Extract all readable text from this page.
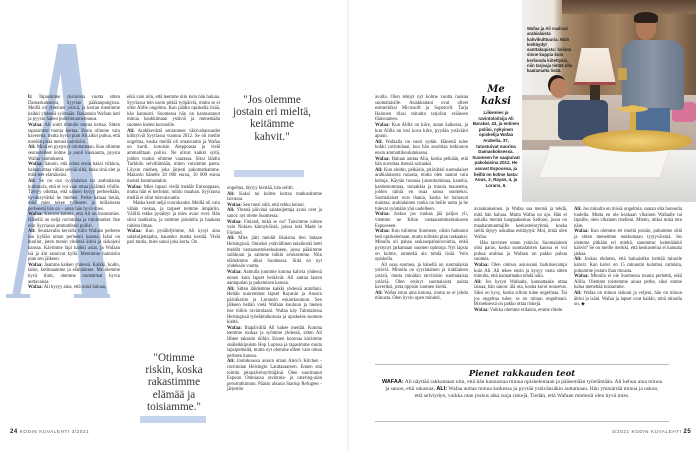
li: Tapasimme yksitoista vuotta sitten Damaskoksessa, Syyrian pääkaupungissa. Meillä oli yhteinen ystävä, ja kerran menimme kaikki yhdessä syömään. Rakastuin Wafaan heti ja pyysin hänen puhelinnumeroansa.

Wafaa: Ali soitti minulle monta kertaa. Sitten tapasimme monta kertaa. Ensin olimme vain kavereita, mutta hyvin pian Ali alkoi puhua, että meidän pitää mennä naimisiin.

Ali: Minä en pystynyt odottamaan. Kun olimme seurustelleet kolme ja puoli kuukautta, pyysin Wafaa vaimokseni.

Wafaa: Sanoin, että odota ensin kaksi viikkoa, haluan ottaa vähän selvää siitä, kuka sinä olet ja mitä teet elämässäsi.

Ali: Se on osa syyrialaista tai arabialaista kulttuuria, että et voi vain ottaa ja lähteä vihille. Täytyy odottaa, että nainen kysyy perheeltään, hyväksyvätkö he miehen. Perhe haluaa tietää, mitä mies tekee työkseen ja millaisesta perheestä hän on – onko hän hyvä mies.

Wafaa: Kerroin kotona, että Ali on bisnesmies. Hänellä on neljä ravintolaa ja minimarket. Itse olin Syyriassa ammatiltani poliisi.

Ali: Seuraavalla kerralla tulin Wafaan perheen luo kylään oman perheeni kanssa. Isäni on kuollut, joten menin yhdessä äitini ja siskojeni kanssa. Kävimme läpi kaikki asiat, ja Wafaan isä ja äiti sanoivat kyllä. Menimme naimisiin pian sen jälkeen.

Wafaa: Jaamme kaiken yhdessä. Kaikki, kodin, talon, kotimaamme ja elämämme. Me olemme hyvä tiimi, olemme molemmat hyvin auttavaisia.

Wafaa: Ali kysyy aina, että minä haluan,

eikä vain niin, että teemme niin kuin hän haluaa. Syyriassa tein usein pitkiä työpäiviä, mutta se ei ollut Alille ongelma. Kun päätin opiskella lisää, hän kannusti. Suomessa hän on kannustanut minua hankkimaan ystäviä ja menemään suomen kielen kursseille.

Ali: Arabikevättä seuranneet väkivaltaisuudet kiihtyivät Syyriassa vuonna 2012. Se oli meille ongelma, koska meillä oli omaisuutta ja Wafaa on kurdi, kotoisin Aleppoasta ja vielä ammatiltaan poliisi. Ne olivat kaikki syitä, joiden vuoksi olimme vaarassa. Siksi lähdin Turkkiin selvittämään, miten voisimme paeta. Löysin miehen, joka järjesti pakomatkamme. Maksoin hänelle 20 000 euroa, 10 000 euroa meistä kummastakin.

Wafaa: Mies lupasi viedä meidät Eurooppaan, mutta hän ei kertonut, mihin maahan. Syyriassa meillä ei ollut tulevaisuutta.

Matka kesti neljä vuorokautta. Meillä oli vain vähän ruokaa, ja tarpeet teimme ämpäriin. Välillä rekka pysähtyi ja mies avasi ovet. Hän siirsi laatikoita, ja saimme jaloitella ja haukata raitista ilmaa.

Wafaa: Kun pysähdyimme, Ali kysyi aina salakuljettajalta, kauanko matka kestää. Vielä pari tuntia, mies sanoi joka kerta. On

"Otimme riskin, koska rakastimme elämää ja toisiamme."
"Jos olemme jostain eri mieltä, keitämme kahvit."

ongelma, täytyy kiertää, hän selitti.

Ali: Kaksi tai kolme kertaa matkustimme laivassa.

Wafaa: Sen tunsi siitä, että rekka keinui.

Ali: Yhtenä päivänä salakuljettaja avasi ovet ja sanoi: nyt olette Suomessa.

Wafaa: Finland, mikä se on? Tunsimme nimen vain Nokian kännyköistä, joissa luki Made in Finland.

Ali: Mies jätti meidät likaisina tien laitaan Helsingissä. Onneksi ystävällinen taksikuski hetti meidät vastaanottokeskukseen, jossa pääsimme suihkuun ja saimme tulkin avuksemme. Niin elämämme alkoi Suomessa. Siitä on nyt yhdeksän vuotta.

Wafaa: Aamulla juomme kotona kahvia yhdessä ennen kuin lapset heräävät. Ali auttaa lasten aamupalan ja pukemisen kanssa.

Ali: Sitten lähdemme kaikki yhdessä autollani. Heitän nuoremmat lapset Rayanin ja Aousin päiväkotiin ja Loransin eskarikouluun. Sen jälkeen heitän vielä Wafaan kouluun ja menen itse töihin ravintolaani. Wafaa käy Taitotalossa Helsingissä työelämäkurssia ja opiskelee suomen kieltä.

Wafaa: Iltapäivällä Ali hakee meidät. Kotona teemme ruokaa ja syömme yhdessä, sitten Ali lähtee takaisin töihin. Ennen koronaa kävimme sisäleikkipuisto Hop Lopissa ja tapasimme muita lapsiperheitä, mutta nyt olemme olleet vain oman perheen kanssa.

Ali: Joulukuussa avasin oman Alexi's Kitchen -ravintolan Helsingin Lauttasaareen. Ennen sitä toimin pitopalveluyrittäjänä. Olen suorittanut Espoon Omniassa ravintola- ja catering-alan perustutkinnon. Pääsin alkuun Startup Refugees -järjestön

avulla. Olen tehnyt nyt kolme vuotta ruokaa suomalaisille. Asiakkaitani ovat olleet esimerkiksi Microsoft ja Supercell. Tarja Halonen tilasi minulta tarjoilut erääseen tilaisuuteen.

Wafaa: Kun Alilla on kiire, autan kaikessa, ja kun Alilla on tosi kova kiire, pyydän ystäviäni apuun.

Ali: Wafaalla on suuri sydän. Hänestä tulee kokki ravintolaan, kun hän suorittaa tutkinnon ensin ammattikoulutuksena.

Wafaa: Haluan auttaa Alia, koska pelkään, että hän uuvuttaa itsensä sairaaksi.

Ali: Kun aloitin, pelkäsin, pitävätkö suomalaiset arabialaisesta ruoasta, mutta olen saanut vain kehuja. Käytän ruoassa juustokuminaa, kanelia, kardemummaa, sumakkia ja monia mausteita, joiden nimiä en osaa sanoa suomeksi. Suomalaiset ovat ihania, koska he haluavat maistaa, arabialainen ruoka on heille uutta ja he tulevat syömään yhä uudelleen.

Wafaa: Joskus jos ruokaa jää paljon yli, viemme ne Kilon vastaanottokeskukseen Espooseen.

Wafaa: Kun tulimme Suomeen, olisin halunnut heti opiskelemaan, mutta tulinkin pian raskaaksi. Minulla oli pahaa raskauspahoinvointia, enkä pystynyt jatkamaan suomen opintoja. Nyt lapsia on kolme, emmekä aio tehdä lisää. Voin opiskella.

Ali osaa suomea, ja hänellä on suomalaisia ystäviä. Minulla on syyrialainen ja irakilainen ystävä, mutta minäkin tarvitsisin suomalaisia ystäviä. Olen etsinyt suomalaista naista kaveriksi, jotta oppisin suomen kieltä.

Ali: Wafaa istuu aina kotona, mutta se ei johdu minusta. Olen hyvin open minded,

Wafaa ja Ali vaalivat arabialaista kahvikulttuuria. Näin kieltäydyt santtakupista: heiluta sinne kuppia kuin kerkunda kiitettyäsi, niin tarjoaja tietää olla kaatamatta lisää.
Me kaksi
Liikemies ja ravintoloitsija Ali Barakat, 43, ja entinen poliisi, nykyinen opiskelija Wafaa Arabelia, 37, tutustuivat nuorina Damaskoksessa. Suomeen he saapuivat pakolaisina 2012. He asuvat Espoossa, ja heillä on kolme lasta: Aous, 3, Rayan, 4, ja Lorans, 6.

avarakatseinen, ja Wafaa saa mennä ja tehdä, mitä hän haluaa. Mutta Wafaa on ujo. Hän ei uskalla mennä kauppakeskus Selloon, jossa on maahanmuuttajille keskusteluryhmä, koska siellä täytyy uskaltaa esittäytyä: Moi, minä olen Wafaa.

Hän tarvitsee oman ystävän. Suomalainen olisi paras, koska suomalaisten kanssa ei voi puhua arabiaa ja Wafaan on pakko puhua suomea.

Wafaa: Olen omissa asioissani harkitsevampi kuin Ali. Ali tekee ensin ja kysyy vasta sitten minulta, että kannattaako tehdä näin.

Ali: Jos kysyn Wafaalta, kannattaako ottaa lainaa, hän sanoo: älä ota, koska korot nousevat. Siksi en kysy, koska silloin tulee ongelmaa. Tai jos ongelma tulee, se on minun ongelmani. Bisneksessä on pakko ottaa riskejä.

Wafaa: Vaikka olemme erilaisia, emme riitele.

Ali: Jos minulla on töissä ongelmia, saatan olla huonolla tuulella. Mutta en ole koskaan vihainen Wafaalle tai lapsille, olen vihainen itselleni. Mietin, miksi minä tein näin.

Wafaa: Kun olemme eri mieltä jostain, puhumme siitä ja sitten menemme nukkumaan tyytyväisinä. Jos olemme pitkään eri mieltä, sanomme: keitetäänkö kahvit? Se on meille merkki, että keskustelua ei kannata jatkaa.

Ali: Joskus ehdotan, että haluaisitko keittää minulle kahvit. Kun kahvi on 15 minuutin kuluttua valmista, puhumme jostain ihan muusta.

Wafaa: Minulla ei ole Suomessa muuta perhettä, eikä Alilla. Olemme toistemme ainoa perhe, siksi emme halua menettää toisiamme.

Ali: Wafaa on minun siskoni ja veljeni, hän on minun äitini ja isäni. Wafaa ja lapset ovat kaikki, mitä minulla on. ◆

Pienet rakkauden teot
WAFAA: Ali näyttää rakkautaan niin, että hän kannustaa minua opiskelemaan ja pääsemään työelämään. Ali kehuu aina minua ja sanoo, että rakastaa. ALI: Wafaa auttaa minua kaikessa ja pyytää ystävänsäkin auttamaan. Hän ymmärtää minua ja uskoo, että selviydyn, vaikka otan joskus aika isoja riskejä. Tiedän, että Wafaan mielestä olen hyvä mies.
24 KODIN KUVALEHTI 3/2021	3/2021 KODIN KUVALEHTI 25
